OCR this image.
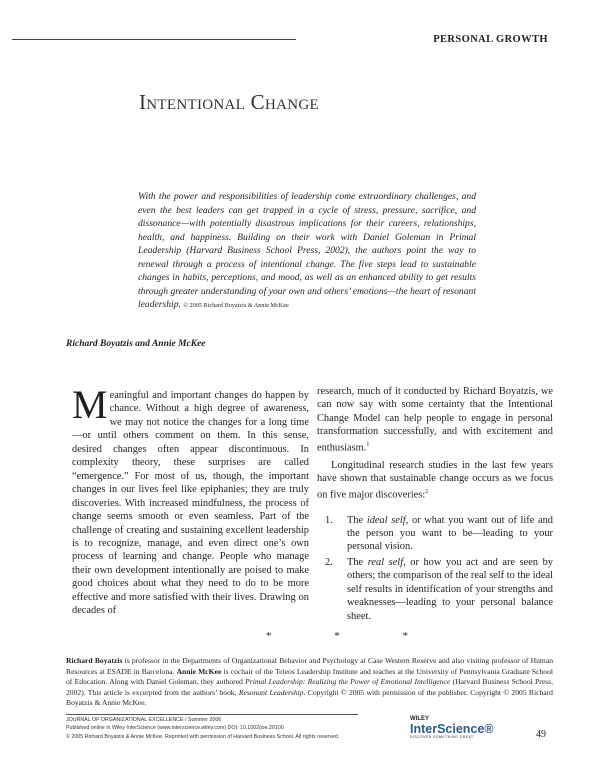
PERSONAL GROWTH
Intentional Change
With the power and responsibilities of leadership come extraordinary challenges, and even the best leaders can get trapped in a cycle of stress, pressure, sacrifice, and dissonance—with potentially disastrous implications for their careers, relationships, health, and happiness. Building on their work with Daniel Goleman in Primal Leadership (Harvard Business School Press, 2002), the authors point the way to renewal through a process of intentional change. The five steps lead to sustainable changes in habits, perceptions, and mood, as well as an enhanced ability to get results through greater understanding of your own and others’ emotions—the heart of resonant leadership. © 2005 Richard Boyatzis & Annie McKee
Richard Boyatzis and Annie McKee

Meaningful and important changes do happen by chance. Without a high degree of awareness, we may not notice the changes for a long time—or until others comment on them. In this sense, desired changes often appear discontinuous. In complexity theory, these surprises are called “emergence.” For most of us, though, the important changes in our lives feel like epiphanies; they are truly discoveries. With increased mindfulness, the process of change seems smooth or even seamless. Part of the challenge of creating and sustaining excellent leadership is to recognize, manage, and even direct one’s own process of learning and change. People who manage their own development intentionally are poised to make good choices about what they need to do to be more effective and more satisfied with their lives. Drawing on decades of

research, much of it conducted by Richard Boyatzis, we can now say with some certainty that the Intentional Change Model can help people to engage in personal transformation successfully, and with excitement and enthusiasm.$^1$

Longitudinal research studies in the last few years have shown that sustainable change occurs as we focus on five major discoveries:$^2$

1. The ideal self, or what you want out of life and the person you want to be—leading to your personal vision.
2. The real self, or how you act and are seen by others; the comparison of the real self to the ideal self results in identification of your strengths and weaknesses—leading to your personal balance sheet.
* * *
Richard Boyatzis is professor in the Departments of Organizational Behavior and Psychology at Case Western Reserve and also visiting professor of Human Resources at ESADE in Barcelona. Annie McKee is cochair of the Teleos Leadership Institute and teaches at the University of Pennsylvania Graduate School of Education. Along with Daniel Goleman, they authored Primal Leadership: Realizing the Power of Emotional Intelligence (Harvard Business School Press, 2002). This article is excerpted from the authors’ book, Resonant Leadership. Copyright © 2005 with permission of the publisher. Copyright © 2005 Richard Boyatzis & Annie McKee.
JOURNAL OF ORGANIZATIONAL EXCELLENCE / Summer 2006
Published online in Wiley InterScience (www.interscience.wiley.com) DOI: 10.1002/joe.20100
© 2005 Richard Boyatzis & Annie McKee. Reprinted with permission of Harvard Business School. All rights reserved.
WILEY
InterScience®
DISCOVER SOMETHING GREAT	49
